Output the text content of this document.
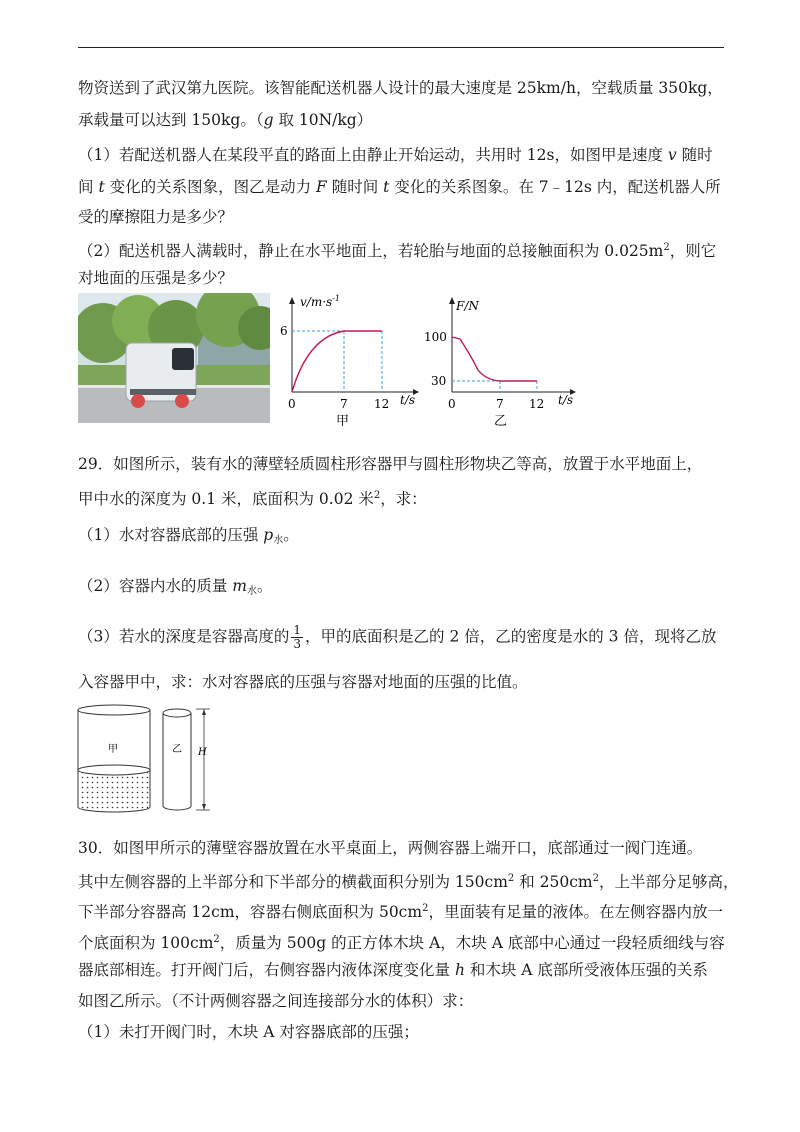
物资送到了武汉第九医院。该智能配送机器人设计的最大速度是 25km/h，空载质量 350kg，
承载量可以达到 150kg。（g 取 10N/kg）
（1）若配送机器人在某段平直的路面上由静止开始运动，共用时 12s，如图甲是速度 v 随时
间 t 变化的关系图象，图乙是动力 F 随时间 t 变化的关系图象。在 7﹣12s 内，配送机器人所
受的摩擦阻力是多少？
（2）配送机器人满载时，静止在水平地面上，若轮胎与地面的总接触面积为 $0.025m^2$，则它
对地面的压强是多少？
$v/m\cdot s^{-1}$
6
0	7 12 t/s
甲
F/N
100
30
0	7 12 t/s
乙
29．如图所示，装有水的薄壁轻质圆柱形容器甲与圆柱形物块乙等高，放置于水平地面上，
甲中水的深度为 0.1 米，底面积为 0.02 米$^2$，求：
（1）水对容器底部的压强 $p_水$。
（2）容器内水的质量 $m_水$。
（3）若水的深度是容器高度的 $\frac{1}{3}$ ，甲的底面积是乙的 2 倍，乙的密度是水的 3 倍，现将乙放
入容器甲中，求：水对容器底的压强与容器对地面的压强的比值。
甲	乙 H
30．如图甲所示的薄壁容器放置在水平桌面上，两侧容器上端开口，底部通过一阀门连通。
其中左侧容器的上半部分和下半部分的横截面积分别为 $150cm^2$ 和 $250cm^2$，上半部分足够高，
下半部分容器高 12cm，容器右侧底面积为 $50cm^2$，里面装有足量的液体。在左侧容器内放一
个底面积为 $100cm^2$，质量为 500g 的正方体木块 A，木块 A 底部中心通过一段轻质细线与容
器底部相连。打开阀门后，右侧容器内液体深度变化量 h 和木块 A 底部所受液体压强的关系
如图乙所示。（不计两侧容器之间连接部分水的体积）求：
（1）未打开阀门时，木块 A 对容器底部的压强；
